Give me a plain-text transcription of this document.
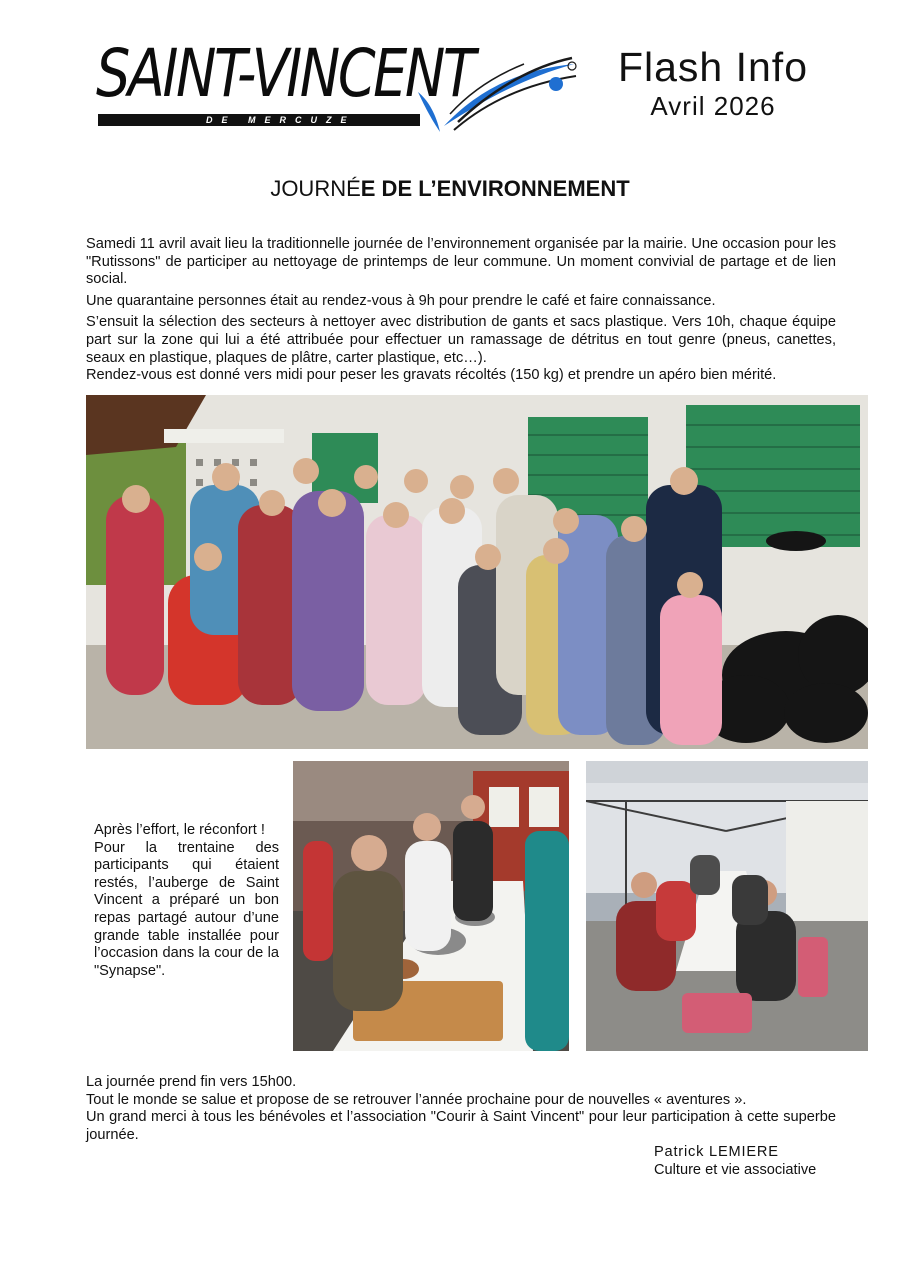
SAINT-VINCENT
DE MERCUZE
Flash Info
Avril 2026
JOURNÉE DE L’ENVIRONNEMENT

Samedi 11 avril avait lieu la traditionnelle journée de l’environnement organisée par la mairie. Une occasion pour les "Rutissons" de participer au nettoyage de printemps de leur commune. Un moment convivial de partage et de lien social.

Une quarantaine personnes était au rendez-vous à 9h pour prendre le café et faire connaissance.

S’ensuit la sélection des secteurs à nettoyer avec distribution de gants et sacs plastique. Vers 10h, chaque équipe part sur la zone qui lui a été attribuée pour effectuer un ramassage de détritus en tout genre (pneus, canettes, seaux en plastique, plaques de plâtre, carter plastique, etc…).

Rendez-vous est donné vers midi pour peser les gravats récoltés (150 kg) et prendre un apéro bien mérité.

Après l’effort, le réconfort !
Pour la trentaine des participants qui étaient restés, l’auberge de Saint Vincent a préparé un bon repas partagé autour d’une grande table installée pour l’occasion dans la cour de la "Synapse".
La journée prend fin vers 15h00.
Tout le monde se salue et propose de se retrouver l’année prochaine pour de nouvelles « aventures ».
Un grand merci à tous les bénévoles et l’association "Courir à Saint Vincent" pour leur participation à cette superbe journée.
Patrick LEMIERE
Culture et vie associative
